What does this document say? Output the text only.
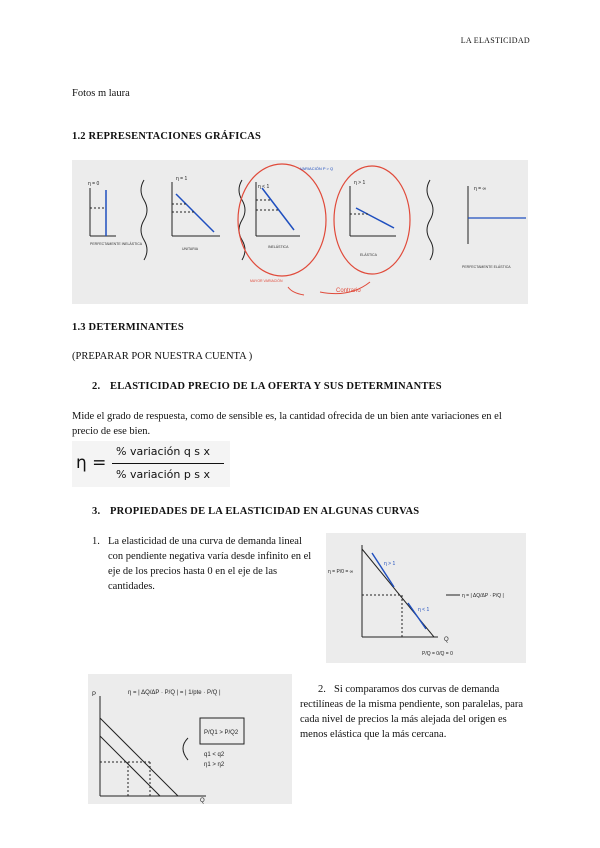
LA ELASTICIDAD
Fotos m laura
1.2 REPRESENTACIONES GRÁFICAS
η = 0
PERFECTAMENTE INELÁSTICA
η = 1
UNITARIA
η < 1
VARIACIÓN P > Q
INELÁSTICA
MAYOR VARIACIÓN
η > 1
ELÁSTICA
Contrario
η = ∞
PERFECTAMENTE ELÁSTICA
1.3 DETERMINANTES
(PREPARAR POR NUESTRA CUENTA )
2. ELASTICIDAD PRECIO DE LA OFERTA Y SUS DETERMINANTES
Mide el grado de respuesta, como de sensible es, la cantidad ofrecida de un bien ante variaciones en el precio de ese bien.
η =
% variación q s x
% variación p s x
3. PROPIEDADES DE LA ELASTICIDAD EN ALGUNAS CURVAS
1. La elasticidad de una curva de demanda lineal con pendiente negativa varía desde infinito en el eje de los precios hasta 0 en el eje de las cantidades.
η = P/0 = ∞
η > 1
η < 1
η = | ΔQ/ΔP · P/Q |
Q
P/Q = 0/Q = 0
η = | ΔQ/ΔP · P/Q | = | 1/pte · P/Q |
P/Q1 > P/Q2
q1 < q2
η1 > η2
Q
P	2. Si comparamos dos curvas de demanda rectilíneas de la misma pendiente, son paralelas, para cada nivel de precios la más alejada del origen es menos elástica que la más cercana.
